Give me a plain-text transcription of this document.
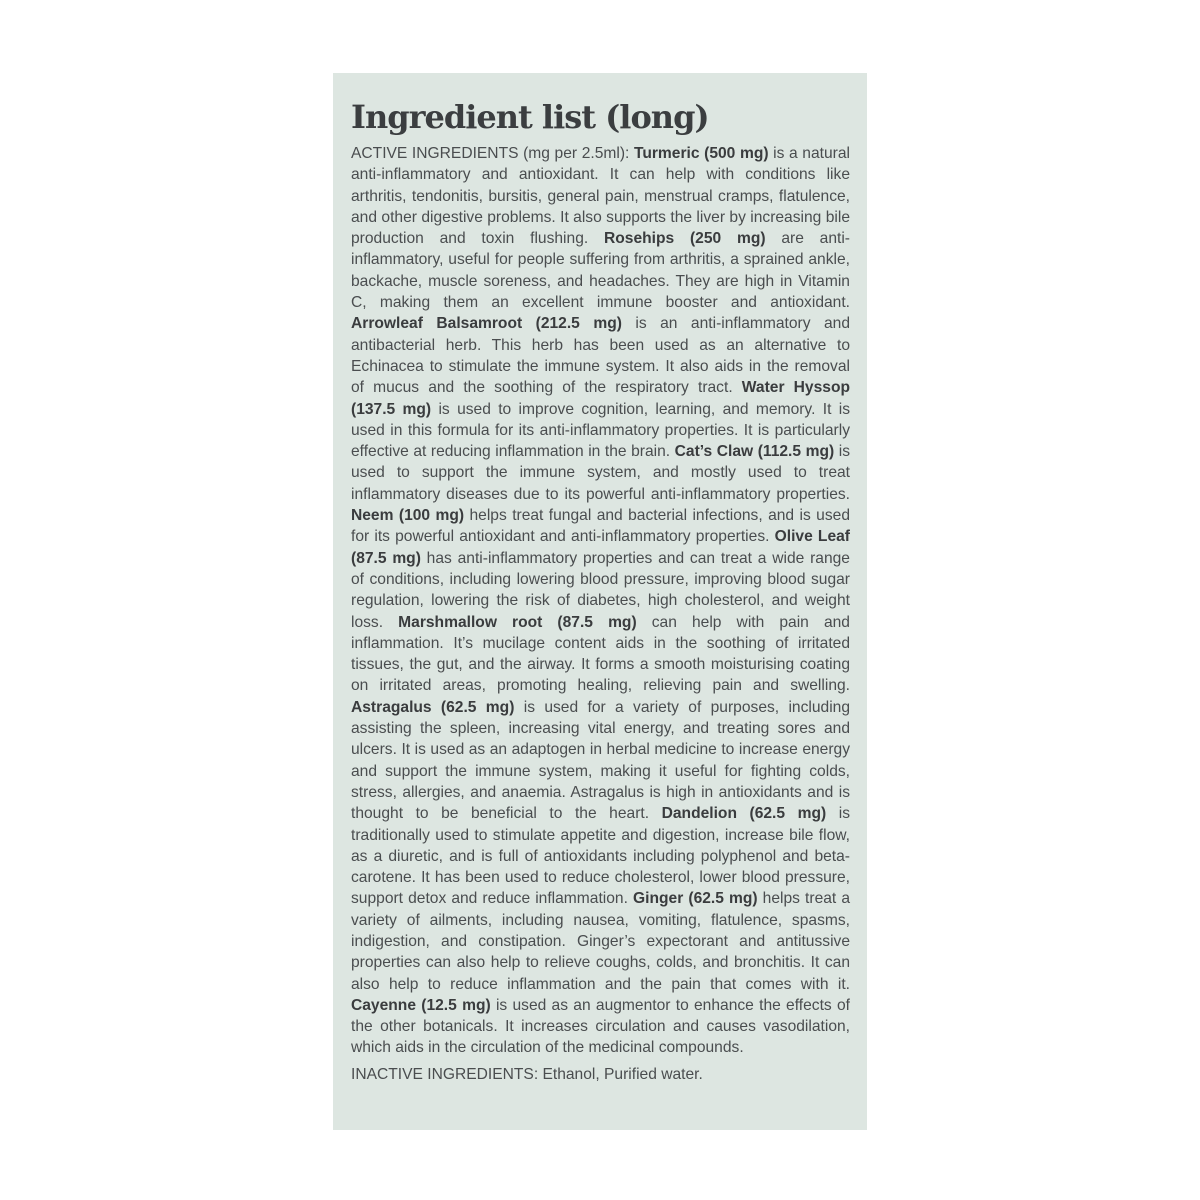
Ingredient list (long)

ACTIVE INGREDIENTS (mg per 2.5ml): Turmeric (500 mg) is a natural anti-inflammatory and antioxidant. It can help with conditions like arthritis, tendonitis, bursitis, general pain, menstrual cramps, flatulence, and other digestive problems. It also supports the liver by increasing bile production and toxin flushing. Rosehips (250 mg) are anti-inflammatory, useful for people suffering from arthritis, a sprained ankle, backache, muscle soreness, and headaches. They are high in Vitamin C, making them an excellent immune booster and antioxidant. Arrowleaf Balsamroot (212.5 mg) is an anti-inflammatory and antibacterial herb. This herb has been used as an alternative to Echinacea to stimulate the immune system. It also aids in the removal of mucus and the soothing of the respiratory tract. Water Hyssop (137.5 mg) is used to improve cognition, learning, and memory. It is used in this formula for its anti-inflammatory properties. It is particularly effective at reducing inflammation in the brain. Cat’s Claw (112.5 mg) is used to support the immune system, and mostly used to treat inflammatory diseases due to its powerful anti-inflammatory properties. Neem (100 mg) helps treat fungal and bacterial infections, and is used for its powerful antioxidant and anti-inflammatory properties. Olive Leaf (87.5 mg) has anti-inflammatory properties and can treat a wide range of conditions, including lowering blood pressure, improving blood sugar regulation, lowering the risk of diabetes, high cholesterol, and weight loss. Marshmallow root (87.5 mg) can help with pain and inflammation. It’s mucilage content aids in the soothing of irritated tissues, the gut, and the airway. It forms a smooth moisturising coating on irritated areas, promoting healing, relieving pain and swelling. Astragalus (62.5 mg) is used for a variety of purposes, including assisting the spleen, increasing vital energy, and treating sores and ulcers. It is used as an adaptogen in herbal medicine to increase energy and support the immune system, making it useful for fighting colds, stress, allergies, and anaemia. Astragalus is high in antioxidants and is thought to be beneficial to the heart. Dandelion (62.5 mg) is traditionally used to stimulate appetite and digestion, increase bile flow, as a diuretic, and is full of antioxidants including polyphenol and beta-carotene. It has been used to reduce cholesterol, lower blood pressure, support detox and reduce inflammation. Ginger (62.5 mg) helps treat a variety of ailments, including nausea, vomiting, flatulence, spasms, indigestion, and constipation. Ginger’s expectorant and antitussive properties can also help to relieve coughs, colds, and bronchitis. It can also help to reduce inflammation and the pain that comes with it. Cayenne (12.5 mg) is used as an augmentor to enhance the effects of the other botanicals. It increases circulation and causes vasodilation, which aids in the circulation of the medicinal compounds.

INACTIVE INGREDIENTS: Ethanol, Purified water.
